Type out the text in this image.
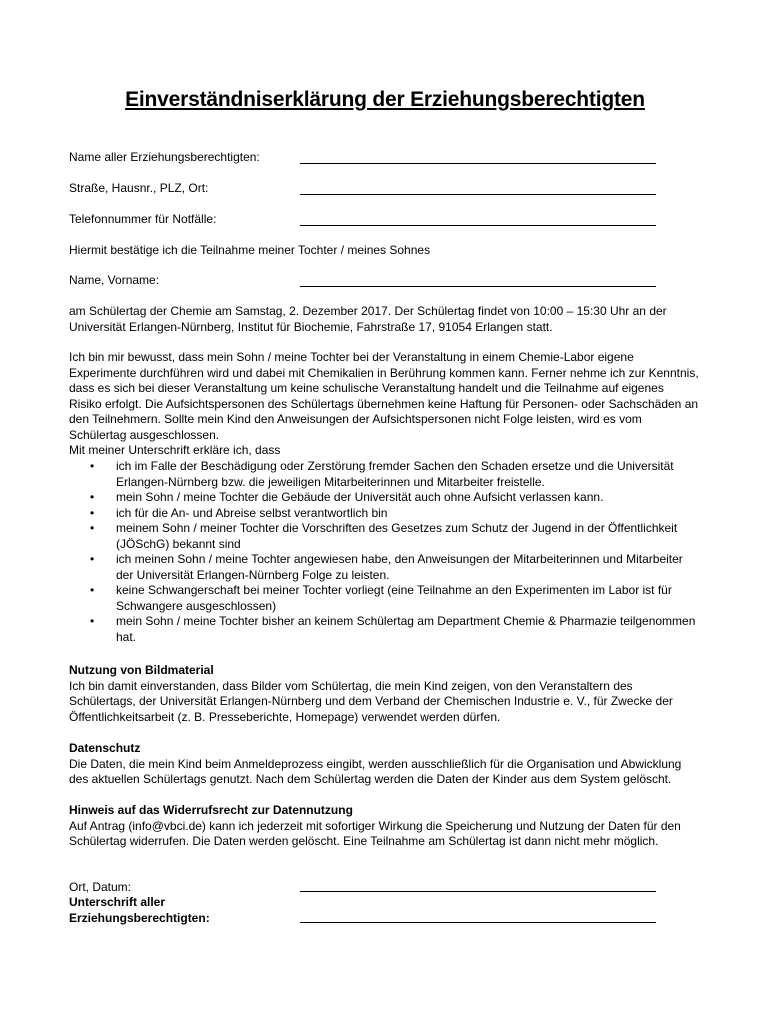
Einverständniserklärung der Erziehungsberechtigten
Name aller Erziehungsberechtigten:
Straße, Hausnr., PLZ, Ort:
Telefonnummer für Notfälle:
Hiermit bestätige ich die Teilnahme meiner Tochter / meines Sohnes
Name, Vorname:
am Schülertag der Chemie am Samstag, 2. Dezember 2017. Der Schülertag findet von 10:00 – 15:30 Uhr an der Universität Erlangen-Nürnberg, Institut für Biochemie, Fahrstraße 17, 91054 Erlangen statt.
Ich bin mir bewusst, dass mein Sohn / meine Tochter bei der Veranstaltung in einem Chemie-Labor eigene Experimente durchführen wird und dabei mit Chemikalien in Berührung kommen kann. Ferner nehme ich zur Kenntnis, dass es sich bei dieser Veranstaltung um keine schulische Veranstaltung handelt und die Teilnahme auf eigenes Risiko erfolgt. Die Aufsichtspersonen des Schülertags übernehmen keine Haftung für Personen- oder Sachschäden an den Teilnehmern. Sollte mein Kind den Anweisungen der Aufsichtspersonen nicht Folge leisten, wird es vom Schülertag ausgeschlossen.
Mit meiner Unterschrift erkläre ich, dass
• ich im Falle der Beschädigung oder Zerstörung fremder Sachen den Schaden ersetze und die Universität Erlangen-Nürnberg bzw. die jeweiligen Mitarbeiterinnen und Mitarbeiter freistelle.
• mein Sohn / meine Tochter die Gebäude der Universität auch ohne Aufsicht verlassen kann.
• ich für die An- und Abreise selbst verantwortlich bin
• meinem Sohn / meiner Tochter die Vorschriften des Gesetzes zum Schutz der Jugend in der Öffentlichkeit (JÖSchG) bekannt sind
• ich meinen Sohn / meine Tochter angewiesen habe, den Anweisungen der Mitarbeiterinnen und Mitarbeiter der Universität Erlangen-Nürnberg Folge zu leisten.
• keine Schwangerschaft bei meiner Tochter vorliegt (eine Teilnahme an den Experimenten im Labor ist für Schwangere ausgeschlossen)
• mein Sohn / meine Tochter bisher an keinem Schülertag am Department Chemie & Pharmazie teilgenommen hat.

Nutzung von Bildmaterial

Ich bin damit einverstanden, dass Bilder vom Schülertag, die mein Kind zeigen, von den Veranstaltern des Schülertags, der Universität Erlangen-Nürnberg und dem Verband der Chemischen Industrie e. V., für Zwecke der Öffentlichkeitsarbeit (z. B. Presseberichte, Homepage) verwendet werden dürfen.

Datenschutz

Die Daten, die mein Kind beim Anmeldeprozess eingibt, werden ausschließlich für die Organisation und Abwicklung des aktuellen Schülertags genutzt. Nach dem Schülertag werden die Daten der Kinder aus dem System gelöscht.

Hinweis auf das Widerrufsrecht zur Datennutzung

Auf Antrag (info@vbci.de) kann ich jederzeit mit sofortiger Wirkung die Speicherung und Nutzung der Daten für den Schülertag widerrufen. Die Daten werden gelöscht. Eine Teilnahme am Schülertag ist dann nicht mehr möglich.

Ort, Datum:
Unterschrift aller
Erziehungsberechtigten:
